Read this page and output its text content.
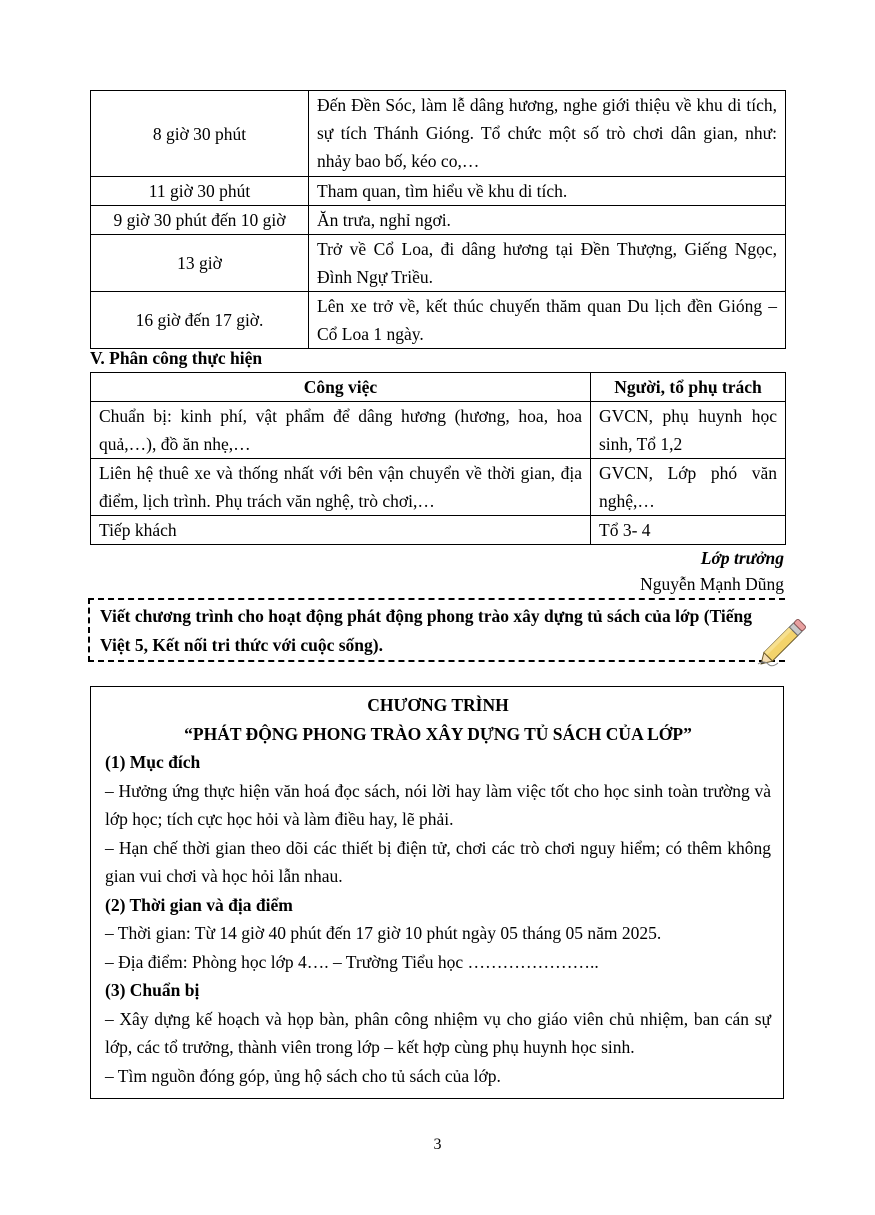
8 giờ 30 phút	Đến Đền Sóc, làm lễ dâng hương, nghe giới thiệu về khu di tích, sự tích Thánh Gióng. Tổ chức một số trò chơi dân gian, như: nhảy bao bố, kéo co,…
11 giờ 30 phút	Tham quan, tìm hiểu về khu di tích.
9 giờ 30 phút đến 10 giờ	Ăn trưa, nghỉ ngơi.
13 giờ	Trở về Cổ Loa, đi dâng hương tại Đền Thượng, Giếng Ngọc, Đình Ngự Triều.
16 giờ đến 17 giờ.	Lên xe trở về, kết thúc chuyến thăm quan Du lịch đền Gióng – Cổ Loa 1 ngày.
V. Phân công thực hiện
Công việc	Người, tổ phụ trách
Chuẩn bị: kinh phí, vật phẩm để dâng hương (hương, hoa, hoa quả,…), đồ ăn nhẹ,…	GVCN, phụ huynh học sinh, Tổ 1,2
Liên hệ thuê xe và thống nhất với bên vận chuyển về thời gian, địa điểm, lịch trình. Phụ trách văn nghệ, trò chơi,…	GVCN, Lớp phó văn nghệ,…
Tiếp khách	Tổ 3- 4
Lớp trưởng
Nguyễn Mạnh Dũng

Viết chương trình cho hoạt động phát động phong trào xây dựng tủ sách của lớp (Tiếng Việt 5, Kết nối tri thức với cuộc sống).

CHƯƠNG TRÌNH

“PHÁT ĐỘNG PHONG TRÀO XÂY DỰNG TỦ SÁCH CỦA LỚP”

(1) Mục đích

– Hưởng ứng thực hiện văn hoá đọc sách, nói lời hay làm việc tốt cho học sinh toàn trường và lớp học; tích cực học hỏi và làm điều hay, lẽ phải.

– Hạn chế thời gian theo dõi các thiết bị điện tử, chơi các trò chơi nguy hiểm; có thêm không gian vui chơi và học hỏi lẫn nhau.

(2) Thời gian và địa điểm

– Thời gian: Từ 14 giờ 40 phút đến 17 giờ 10 phút ngày 05 tháng 05 năm 2025.

– Địa điểm: Phòng học lớp 4…. – Trường Tiểu học …………………..

(3) Chuẩn bị

– Xây dựng kế hoạch và họp bàn, phân công nhiệm vụ cho giáo viên chủ nhiệm, ban cán sự lớp, các tổ trưởng, thành viên trong lớp – kết hợp cùng phụ huynh học sinh.

– Tìm nguồn đóng góp, ủng hộ sách cho tủ sách của lớp.

3
